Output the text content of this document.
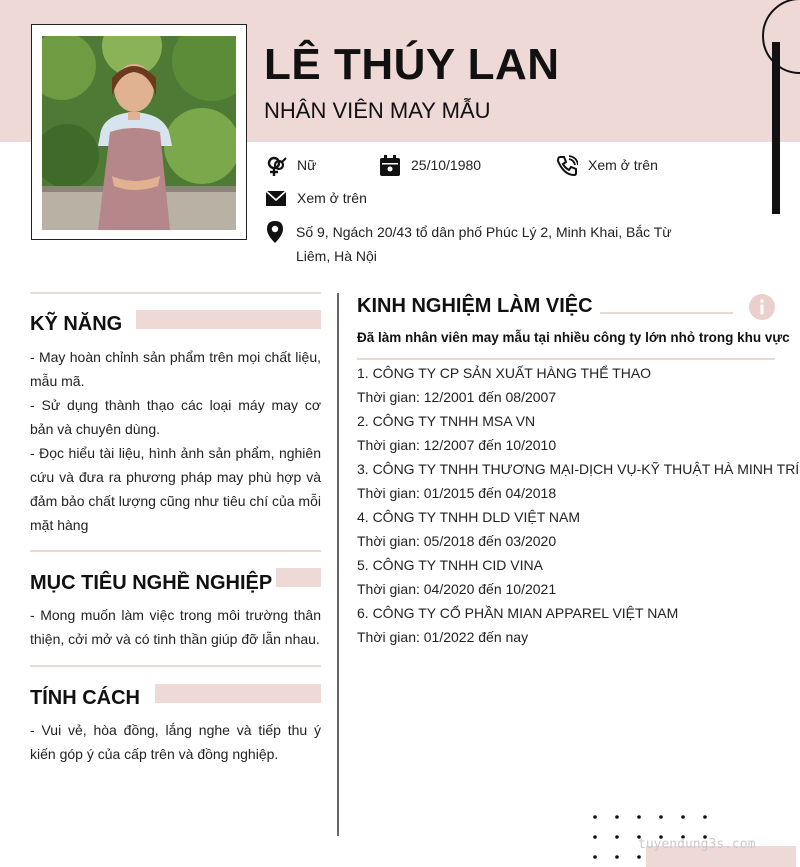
LÊ THÚY LAN
NHÂN VIÊN MAY MẪU
Nữ	25/10/1980	Xem ở trên
Xem ở trên
Số 9, Ngách 20/43 tổ dân phố Phúc Lý 2, Minh Khai, Bắc Từ Liêm, Hà Nội
KỸ NĂNG

- May hoàn chỉnh sản phẩm trên mọi chất liệu, mẫu mã.

- Sử dụng thành thạo các loại máy may cơ bản và chuyên dùng.

- Đọc hiểu tài liệu, hình ảnh sản phẩm, nghiên cứu và đưa ra phương pháp may phù hợp và đảm bảo chất lượng cũng như tiêu chí của mỗi mặt hàng

MỤC TIÊU NGHỀ NGHIỆP
- Mong muốn làm việc trong môi trường thân thiện, cởi mở và có tinh thần giúp đỡ lẫn nhau.
TÍNH CÁCH
- Vui vẻ, hòa đồng, lắng nghe và tiếp thu ý kiến góp ý của cấp trên và đồng nghiệp.
KINH NGHIỆM LÀM VIỆC
Đã làm nhân viên may mẫu tại nhiều công ty lớn nhỏ trong khu vực
1. CÔNG TY CP SẢN XUẤT HÀNG THỂ THAO
Thời gian: 12/2001 đến 08/2007
2. CÔNG TY TNHH MSA VN
Thời gian: 12/2007 đến 10/2010
3. CÔNG TY TNHH THƯƠNG MẠI-DỊCH VỤ-KỸ THUẬT HÀ MINH TRÍ
Thời gian: 01/2015 đến 04/2018
4. CÔNG TY TNHH DLD VIỆT NAM
Thời gian: 05/2018 đến 03/2020
5. CÔNG TY TNHH CID VINA
Thời gian: 04/2020 đến 10/2021
6. CÔNG TY CỔ PHẦN MIAN APPAREL VIỆT NAM
Thời gian: 01/2022 đến nay
tuyendung3s.com
